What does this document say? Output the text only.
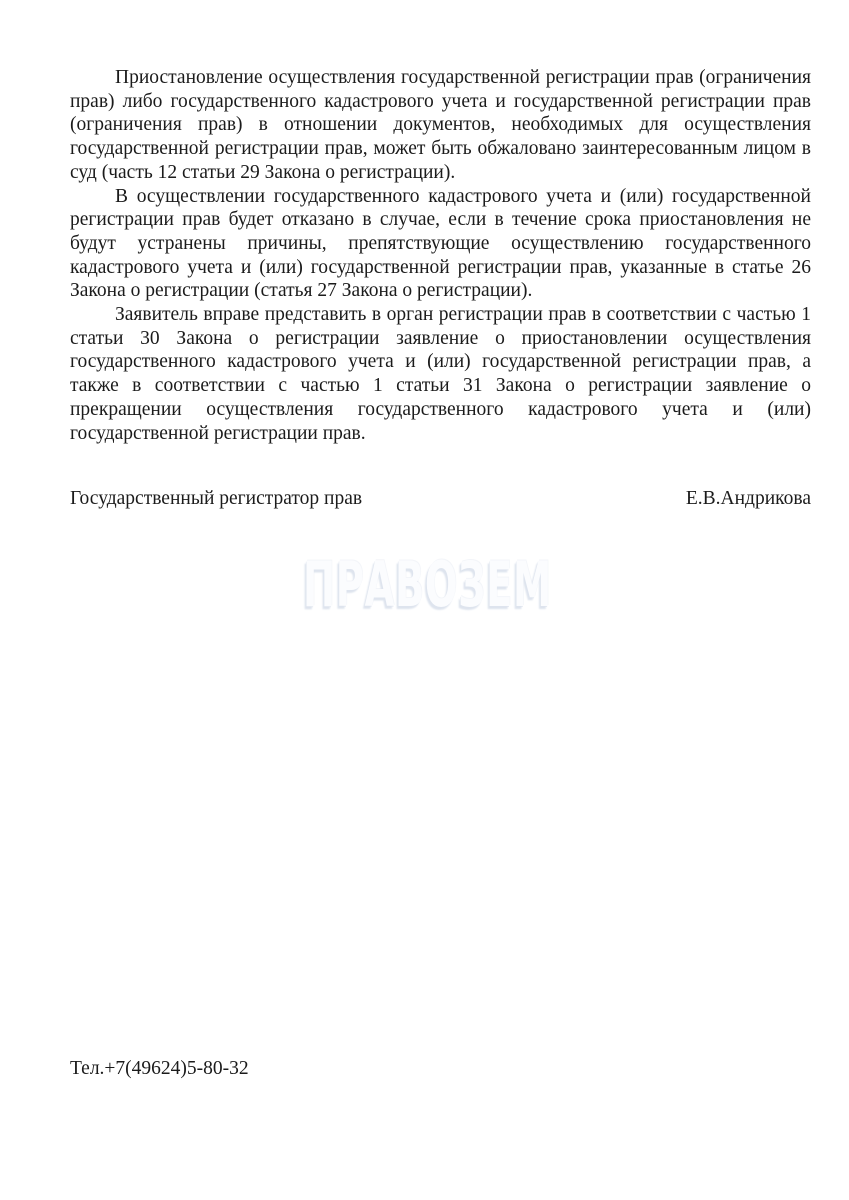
Приостановление осуществления государственной регистрации прав (ограничения прав) либо государственного кадастрового учета и государственной регистрации прав (ограничения прав) в отношении документов, необходимых для осуществления государственной регистрации прав, может быть обжаловано заинтересованным лицом в суд (часть 12 статьи 29 Закона о регистрации).

В осуществлении государственного кадастрового учета и (или) государственной регистрации прав будет отказано в случае, если в течение срока приостановления не будут устранены причины, препятствующие осуществлению государственного кадастрового учета и (или) государственной регистрации прав, указанные в статье 26 Закона о регистрации (статья 27 Закона о регистрации).

Заявитель вправе представить в орган регистрации прав в соответствии с частью 1 статьи 30 Закона о регистрации заявление о приостановлении осуществления государственного кадастрового учета и (или) государственной регистрации прав, а также в соответствии с частью 1 статьи 31 Закона о регистрации заявление о прекращении осуществления государственного кадастрового учета и (или) государственной регистрации прав.

Государственный регистратор прав	Е.В.Андрикова
ПРАВОЗЕМ
Тел.+7(49624)5-80-32
